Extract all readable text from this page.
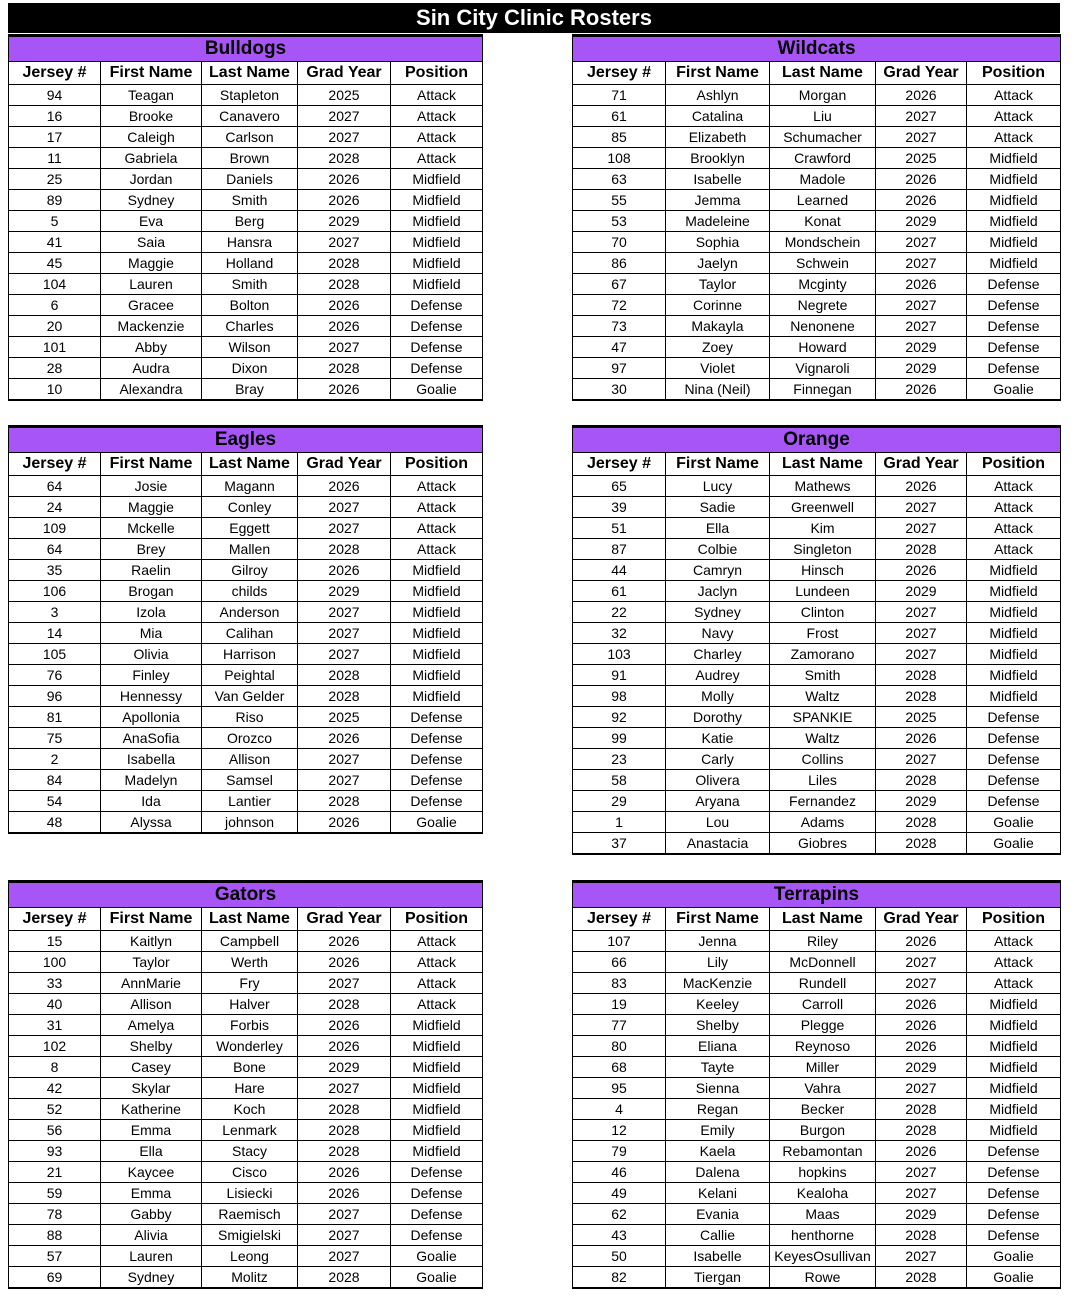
Sin City Clinic Rosters
Bulldogs				
Jersey #	First Name	Last Name	Grad Year	Position
94	Teagan	Stapleton	2025	Attack
16	Brooke	Canavero	2027	Attack
17	Caleigh	Carlson	2027	Attack
11	Gabriela	Brown	2028	Attack
25	Jordan	Daniels	2026	Midfield
89	Sydney	Smith	2026	Midfield
5	Eva	Berg	2029	Midfield
41	Saia	Hansra	2027	Midfield
45	Maggie	Holland	2028	Midfield
104	Lauren	Smith	2028	Midfield
6	Gracee	Bolton	2026	Defense
20	Mackenzie	Charles	2026	Defense
101	Abby	Wilson	2027	Defense
28	Audra	Dixon	2028	Defense
10	Alexandra	Bray	2026	Goalie
Wildcats				
Jersey #	First Name	Last Name	Grad Year	Position
71	Ashlyn	Morgan	2026	Attack
61	Catalina	Liu	2027	Attack
85	Elizabeth	Schumacher	2027	Attack
108	Brooklyn	Crawford	2025	Midfield
63	Isabelle	Madole	2026	Midfield
55	Jemma	Learned	2026	Midfield
53	Madeleine	Konat	2029	Midfield
70	Sophia	Mondschein	2027	Midfield
86	Jaelyn	Schwein	2027	Midfield
67	Taylor	Mcginty	2026	Defense
72	Corinne	Negrete	2027	Defense
73	Makayla	Nenonene	2027	Defense
47	Zoey	Howard	2029	Defense
97	Violet	Vignaroli	2029	Defense
30	Nina (Neil)	Finnegan	2026	Goalie
Eagles				
Jersey #	First Name	Last Name	Grad Year	Position
64	Josie	Magann	2026	Attack
24	Maggie	Conley	2027	Attack
109	Mckelle	Eggett	2027	Attack
64	Brey	Mallen	2028	Attack
35	Raelin	Gilroy	2026	Midfield
106	Brogan	childs	2029	Midfield
3	Izola	Anderson	2027	Midfield
14	Mia	Calihan	2027	Midfield
105	Olivia	Harrison	2027	Midfield
76	Finley	Peightal	2028	Midfield
96	Hennessy	Van Gelder	2028	Midfield
81	Apollonia	Riso	2025	Defense
75	AnaSofia	Orozco	2026	Defense
2	Isabella	Allison	2027	Defense
84	Madelyn	Samsel	2027	Defense
54	Ida	Lantier	2028	Defense
48	Alyssa	johnson	2026	Goalie
Orange				
Jersey #	First Name	Last Name	Grad Year	Position
65	Lucy	Mathews	2026	Attack
39	Sadie	Greenwell	2027	Attack
51	Ella	Kim	2027	Attack
87	Colbie	Singleton	2028	Attack
44	Camryn	Hinsch	2026	Midfield
61	Jaclyn	Lundeen	2029	Midfield
22	Sydney	Clinton	2027	Midfield
32	Navy	Frost	2027	Midfield
103	Charley	Zamorano	2027	Midfield
91	Audrey	Smith	2028	Midfield
98	Molly	Waltz	2028	Midfield
92	Dorothy	SPANKIE	2025	Defense
99	Katie	Waltz	2026	Defense
23	Carly	Collins	2027	Defense
58	Olivera	Liles	2028	Defense
29	Aryana	Fernandez	2029	Defense
1	Lou	Adams	2028	Goalie
37	Anastacia	Giobres	2028	Goalie
Gators				
Jersey #	First Name	Last Name	Grad Year	Position
15	Kaitlyn	Campbell	2026	Attack
100	Taylor	Werth	2026	Attack
33	AnnMarie	Fry	2027	Attack
40	Allison	Halver	2028	Attack
31	Amelya	Forbis	2026	Midfield
102	Shelby	Wonderley	2026	Midfield
8	Casey	Bone	2029	Midfield
42	Skylar	Hare	2027	Midfield
52	Katherine	Koch	2028	Midfield
56	Emma	Lenmark	2028	Midfield
93	Ella	Stacy	2028	Midfield
21	Kaycee	Cisco	2026	Defense
59	Emma	Lisiecki	2026	Defense
78	Gabby	Raemisch	2027	Defense
88	Alivia	Smigielski	2027	Defense
57	Lauren	Leong	2027	Goalie
69	Sydney	Molitz	2028	Goalie
Terrapins				
Jersey #	First Name	Last Name	Grad Year	Position
107	Jenna	Riley	2026	Attack
66	Lily	McDonnell	2027	Attack
83	MacKenzie	Rundell	2027	Attack
19	Keeley	Carroll	2026	Midfield
77	Shelby	Plegge	2026	Midfield
80	Eliana	Reynoso	2026	Midfield
68	Tayte	Miller	2029	Midfield
95	Sienna	Vahra	2027	Midfield
4	Regan	Becker	2028	Midfield
12	Emily	Burgon	2028	Midfield
79	Kaela	Rebamontan	2026	Defense
46	Dalena	hopkins	2027	Defense
49	Kelani	Kealoha	2027	Defense
62	Evania	Maas	2029	Defense
43	Callie	henthorne	2028	Defense
50	Isabelle	KeyesOsullivan	2027	Goalie
82	Tiergan	Rowe	2028	Goalie
